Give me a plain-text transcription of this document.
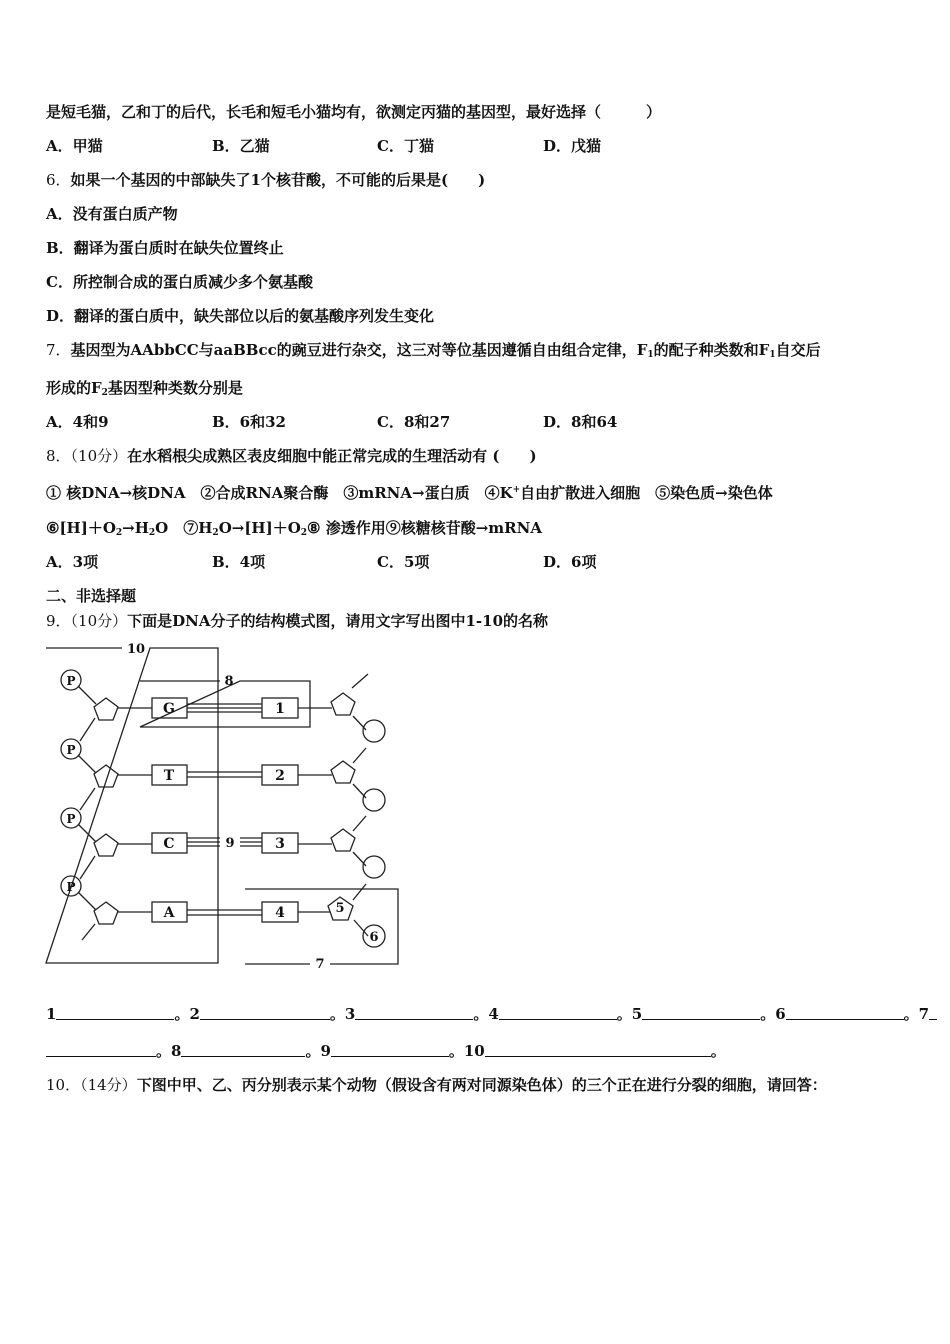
是短毛猫，乙和丁的后代，长毛和短毛小猫均有，欲测定丙猫的基因型，最好选择（　　　）
A．甲猫	B．乙猫	C．丁猫	D．戊猫
6．如果一个基因的中部缺失了1个核苷酸，不可能的后果是(　　)
A．没有蛋白质产物
B．翻译为蛋白质时在缺失位置终止
C．所控制合成的蛋白质减少多个氨基酸
D．翻译的蛋白质中，缺失部位以后的氨基酸序列发生变化
7．基因型为AAbbCC与aaBBcc的豌豆进行杂交，这三对等位基因遵循自由组合定律，$F_1$的配子种类数和$F_1$自交后
形成的$F_2$基因型种类数分别是
A．4和9	B．6和32	C．8和27	D．8和64
8．（10分）在水稻根尖成熟区表皮细胞中能正常完成的生理活动有 (　　)
① 核DNA→核DNA　②合成RNA聚合酶　③mRNA→蛋白质　④K+自由扩散进入细胞　⑤染色质→染色体
$⑥[H]+O_2\to H_2O$　$⑦H_2O\to[H]+O_2⑧$ 渗透作用⑨核糖核苷酸→mRNA
A．3项	B．4项	C．5项	D．6项
二、非选择题
9．（10分）下面是DNA分子的结构模式图，请用文字写出图中1-10的名称
P
P
P
P
G
T
C
A
1
2
3
4	5
6
7
8
9
10
1	。2	。3	。4	。5	。6	。7
。8	。9	。10	。
10．（14分）下图中甲、乙、丙分别表示某个动物（假设含有两对同源染色体）的三个正在进行分裂的细胞，请回答：
